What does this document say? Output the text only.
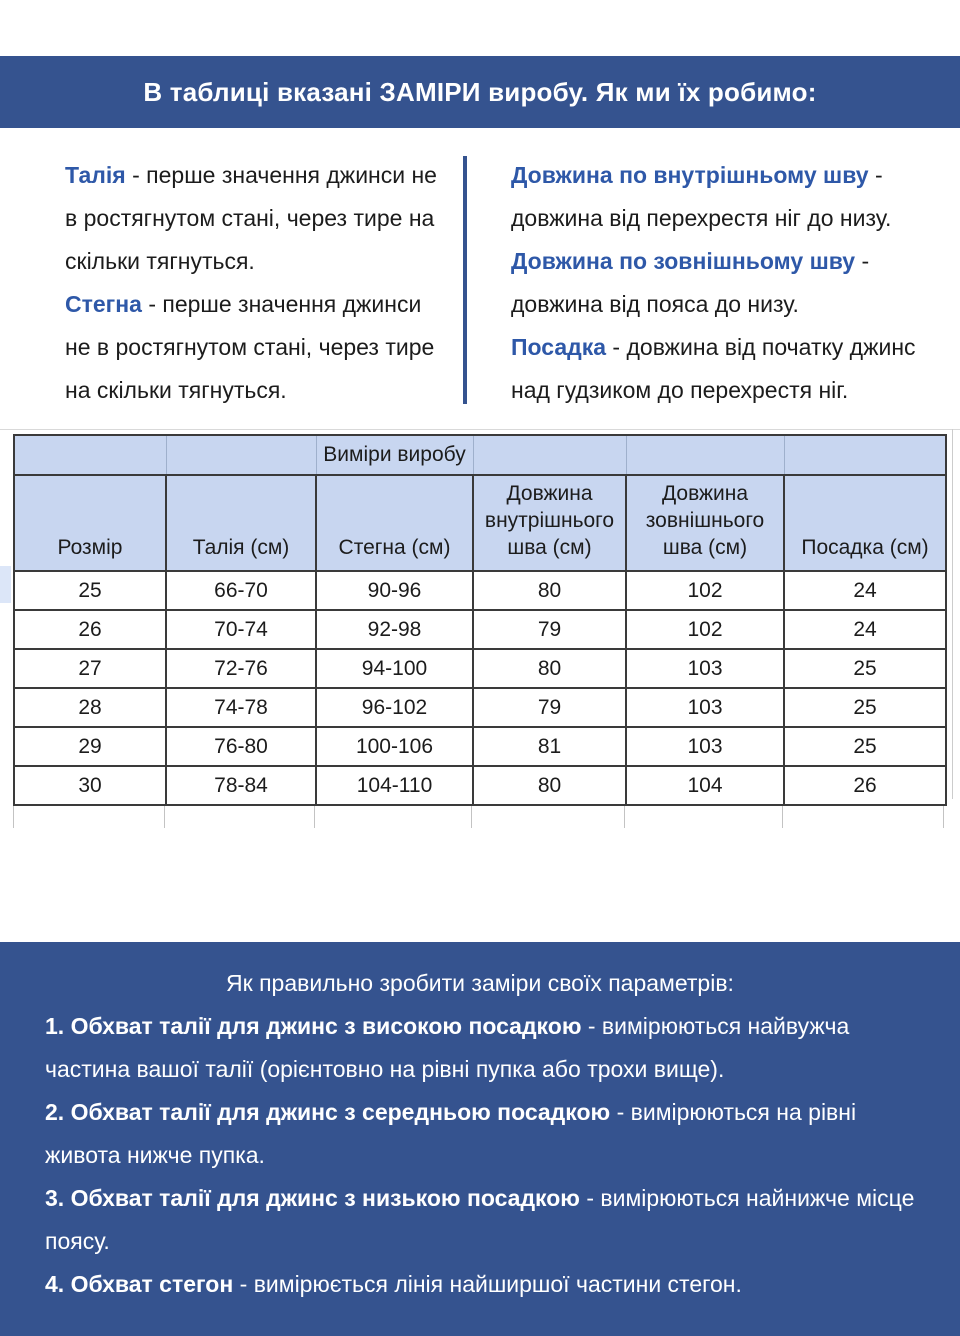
В таблиці вказані ЗАМІРИ виробу. Як ми їх робимо:

Талія - перше значення джинси не в ростягнутом стані, через тире на скільки тягнуться.

Стегна - перше значення джинси не в ростягнутом стані, через тире на скільки тягнуться.

Довжина по внутрішньому шву - довжина від перехрестя ніг до низу.

Довжина по зовнішньому шву - довжина від пояса до низу.

Посадка - довжина від початку джинс над гудзиком до перехрестя ніг.

		Виміри виробу			
Розмір	Талія (см)	Стегна (см)	Довжина внутрішнього шва (см)	Довжина зовнішнього шва (см)	Посадка (см)
25	66-70	90-96	80	102	24
26	70-74	92-98	79	102	24
27	72-76	94-100	80	103	25
28	74-78	96-102	79	103	25
29	76-80	100-106	81	103	25
30	78-84	104-110	80	104	26

Як правильно зробити заміри своїх параметрів:

1. Обхват талії для джинс з високою посадкою - вимірюються найвужча частина вашої талії (орієнтовно на рівні пупка або трохи вище).

2. Обхват талії для джинс з середньою посадкою - вимірюються на рівні живота нижче пупка.

3. Обхват талії для джинс з низькою посадкою - вимірюються найнижче місце поясу.

4. Обхват стегон - вимірюється лінія найширшої частини стегон.
